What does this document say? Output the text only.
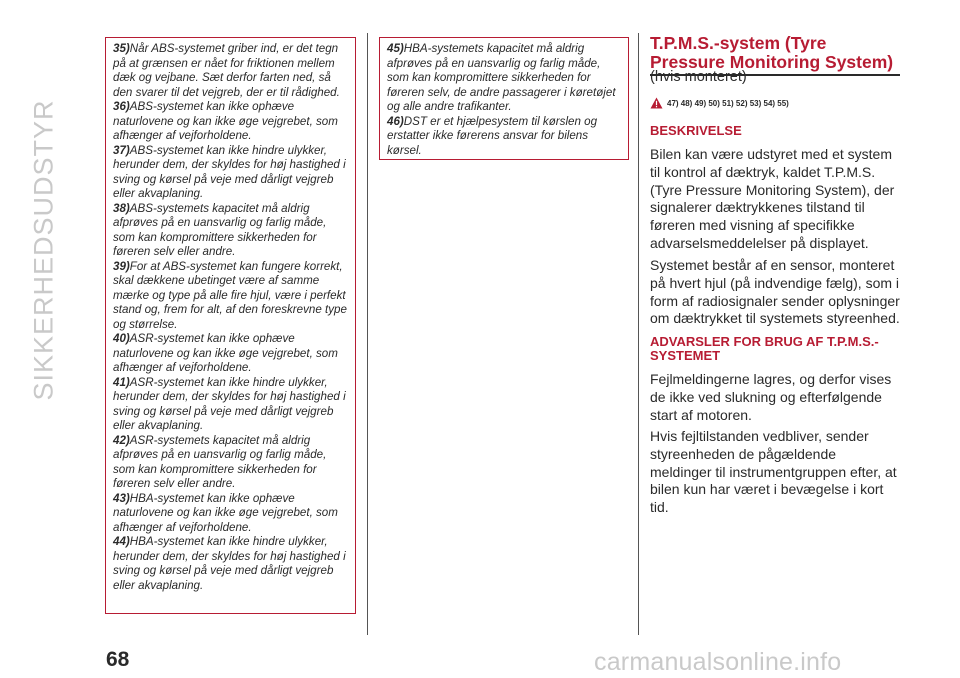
SIKKERHEDSUDSTYR
35)Når ABS-systemet griber ind, er det tegn på at grænsen er nået for friktionen mellem dæk og vejbane. Sæt derfor farten ned, så den svarer til det vejgreb, der er til rådighed.
36)ABS-systemet kan ikke ophæve naturlovene og kan ikke øge vejgrebet, som afhænger af vejforholdene.
37)ABS-systemet kan ikke hindre ulykker, herunder dem, der skyldes for høj hastighed i sving og kørsel på veje med dårligt vejgreb eller akvaplaning.
38)ABS-systemets kapacitet må aldrig afprøves på en uansvarlig og farlig måde, som kan kompromittere sikkerheden for føreren selv eller andre.
39)For at ABS-systemet kan fungere korrekt, skal dækkene ubetinget være af samme mærke og type på alle fire hjul, være i perfekt stand og, frem for alt, af den foreskrevne type og størrelse.
40)ASR-systemet kan ikke ophæve naturlovene og kan ikke øge vejgrebet, som afhænger af vejforholdene.
41)ASR-systemet kan ikke hindre ulykker, herunder dem, der skyldes for høj hastighed i sving og kørsel på veje med dårligt vejgreb eller akvaplaning.
42)ASR-systemets kapacitet må aldrig afprøves på en uansvarlig og farlig måde, som kan kompromittere sikkerheden for føreren selv eller andre.
43)HBA-systemet kan ikke ophæve naturlovene og kan ikke øge vejgrebet, som afhænger af vejforholdene.
44)HBA-systemet kan ikke hindre ulykker, herunder dem, der skyldes for høj hastighed i sving og kørsel på veje med dårligt vejgreb eller akvaplaning.
45)HBA-systemets kapacitet må aldrig afprøves på en uansvarlig og farlig måde, som kan kompromittere sikkerheden for føreren selv, de andre passagerer i køretøjet og alle andre trafikanter.
46)DST er et hjælpesystem til kørslen og erstatter ikke førerens ansvar for bilens kørsel.
T.P.M.S.-system (Tyre Pressure Monitoring System)
(hvis monteret)
47) 48) 49) 50) 51) 52) 53) 54) 55)
BESKRIVELSE

Bilen kan være udstyret med et system til kontrol af dæktryk, kaldet T.P.M.S. (Tyre Pressure Monitoring System), der signalerer dæktrykkenes tilstand til føreren med visning af specifikke advarselsmeddelelser på displayet.

Systemet består af en sensor, monteret på hvert hjul (på indvendige fælg), som i form af radiosignaler sender oplysninger om dæktrykket til systemets styreenhed.

ADVARSLER FOR BRUG AF T.P.M.S.-SYSTEMET

Fejlmeldingerne lagres, og derfor vises de ikke ved slukning og efterfølgende start af motoren.

Hvis fejltilstanden vedbliver, sender styreenheden de pågældende meldinger til instrumentgruppen efter, at bilen kun har været i bevægelse i kort tid.

68	carmanualsonline.info
